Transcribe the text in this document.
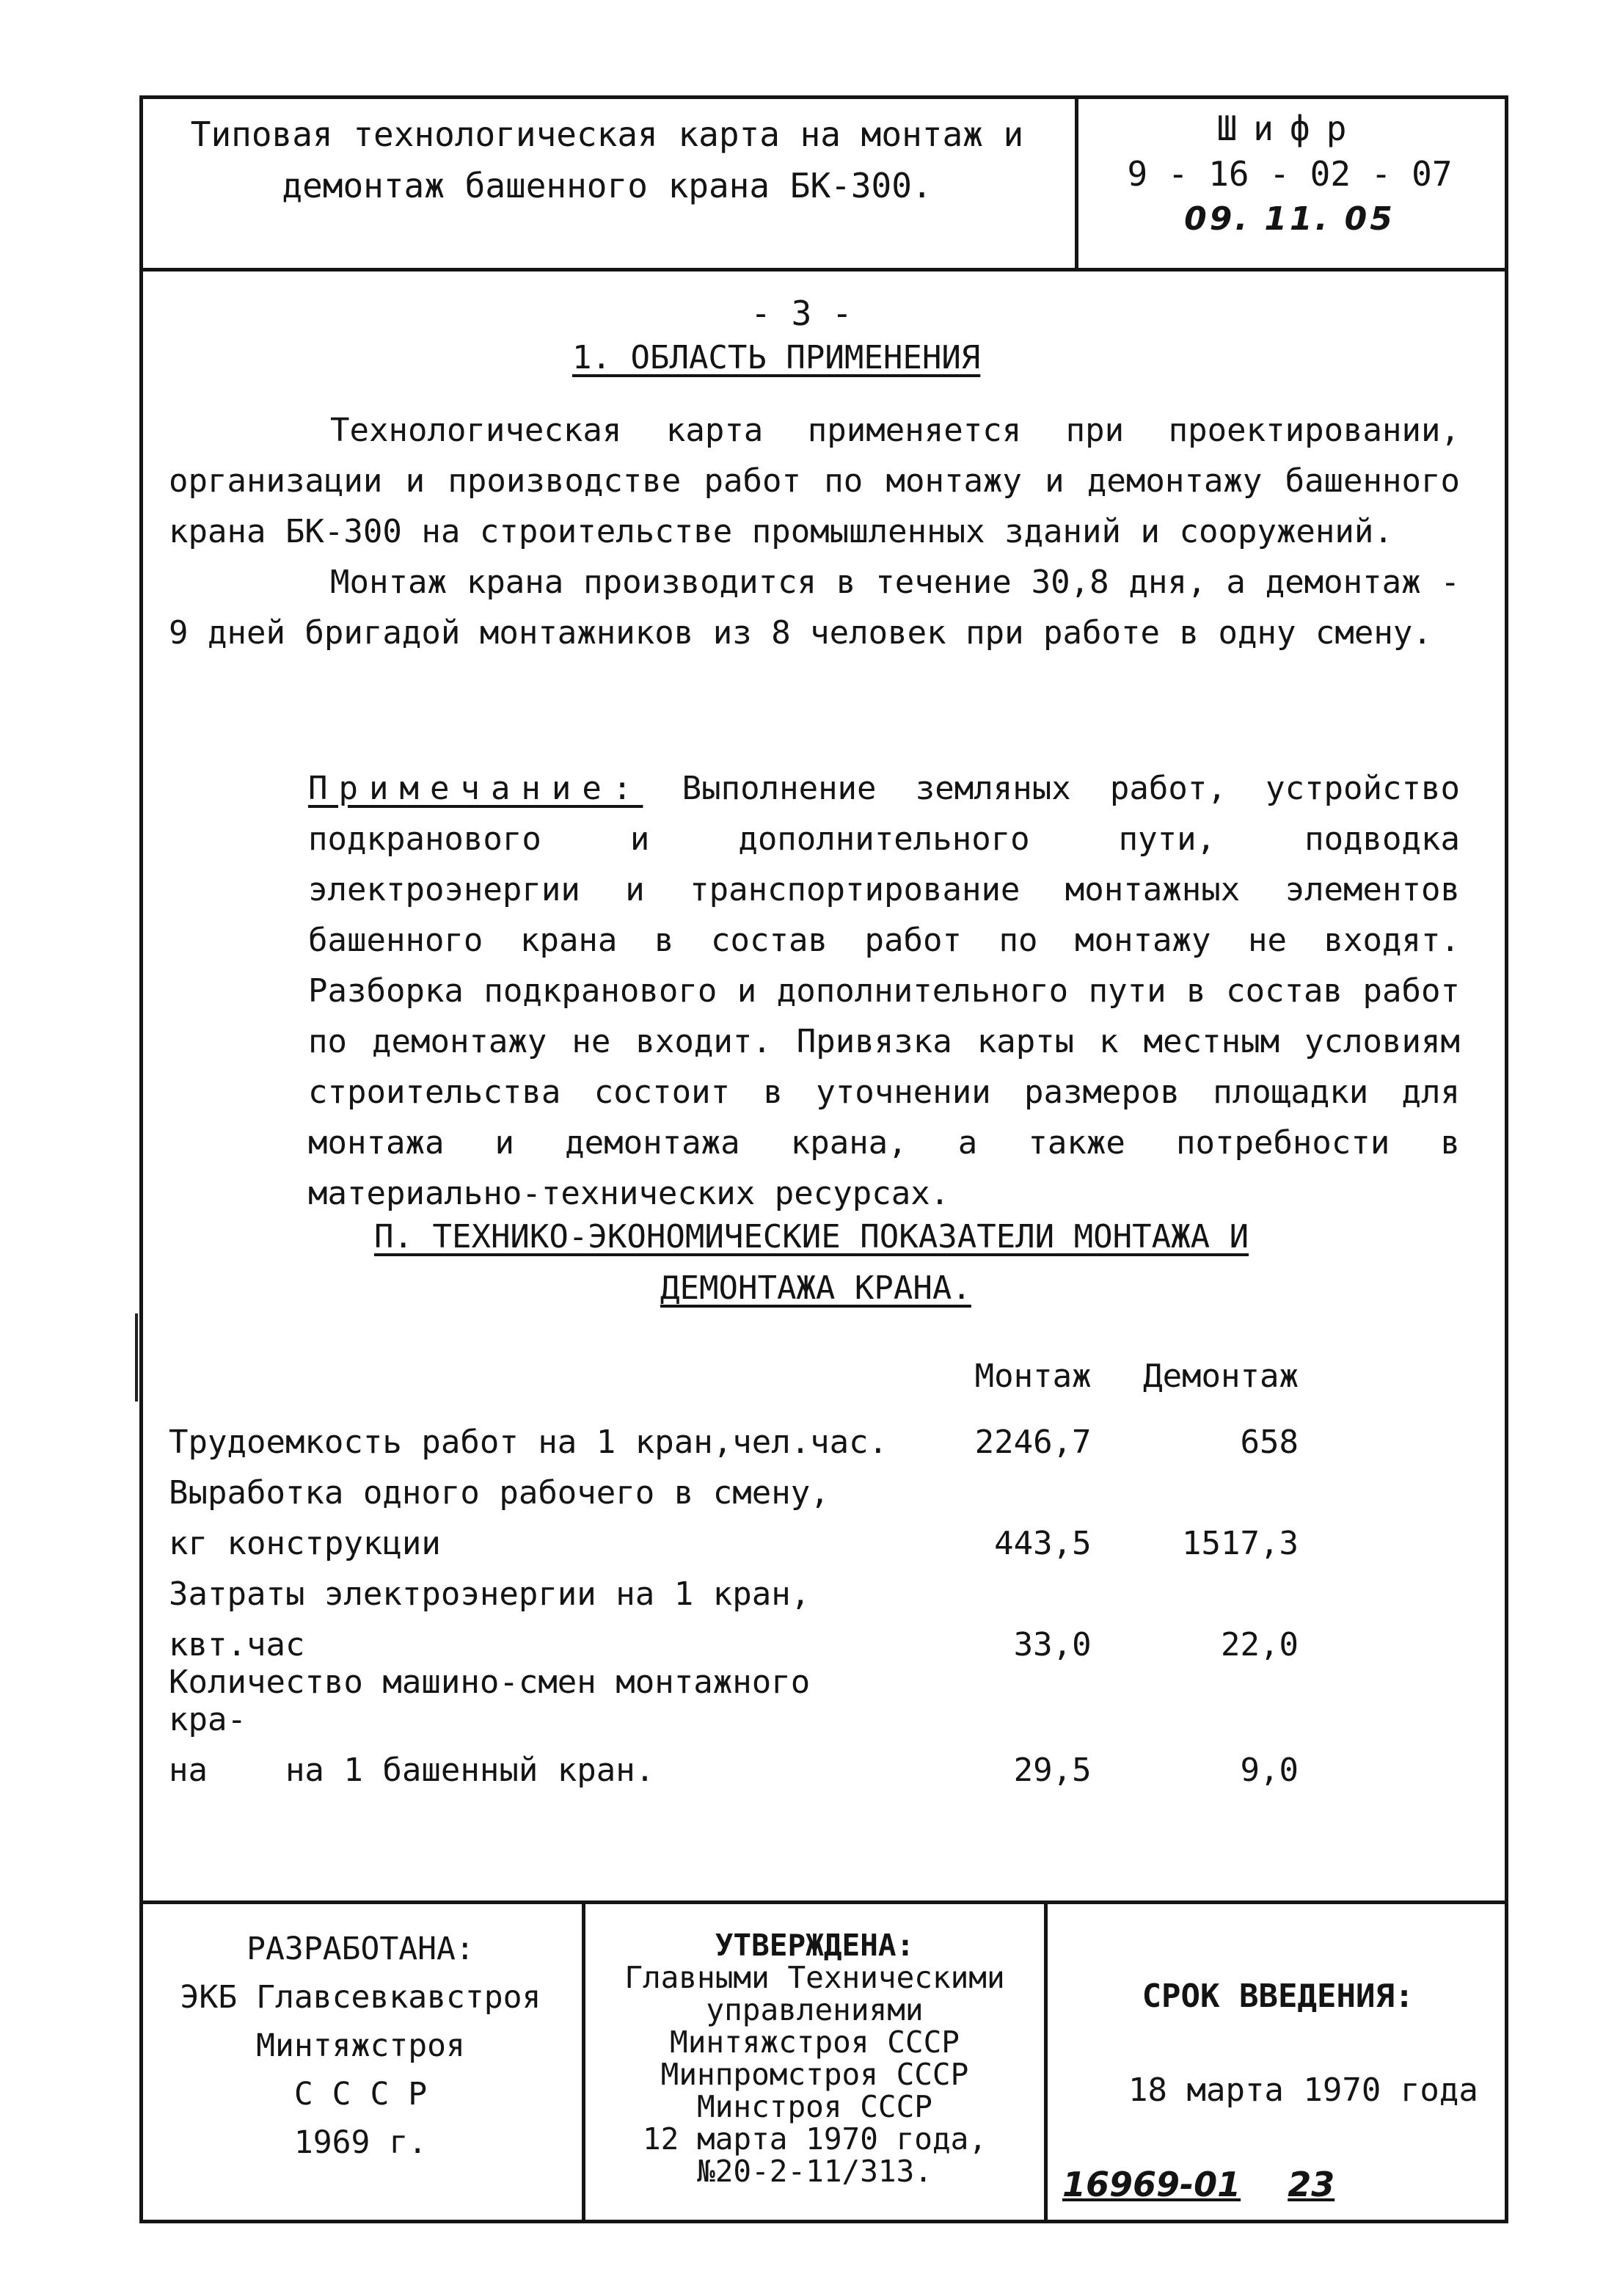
Типовая технологическая карта на монтаж и
демонтаж башенного крана БК-300.
Шифр
9 - 16 - 02 - 07
09. 11. 05
- 3 -
1. ОБЛАСТЬ ПРИМЕНЕНИЯ

Технологическая карта применяется при проектировании, организации и производстве работ по монтажу и демонтажу башенного крана БК-300 на строительстве промышленных зданий и сооружений.

Монтаж крана производится в течение 30,8 дня, а демонтаж - 9 дней бригадой монтажников из 8 человек при работе в одну смену.

Примечание: Выполнение земляных работ, устройство подкранового и дополнительного пути, подводка электроэнергии и транспортирование монтажных элементов башенного крана в состав работ по монтажу не входят. Разборка подкранового и дополнительного пути в состав работ по демонтажу не входит. Привязка карты к местным условиям строительства состоит в уточнении размеров площадки для монтажа и демонтажа крана, а также потребности в материально-технических ресурсах.

П. ТЕХНИКО-ЭКОНОМИЧЕСКИЕ ПОКАЗАТЕЛИ МОНТАЖА И
ДЕМОНТАЖА КРАНА.
	Монтаж	Демонтаж
Трудоемкость работ на 1 кран,чел.час.	2246,7	658
Выработка одного рабочего в смену,		
кг конструкции	443,5	1517,3
Затраты электроэнергии на 1 кран,		
квт.час	33,0	22,0
Количество машино-смен монтажного кра-		
на    на 1 башенный кран.	29,5	9,0
РАЗРАБОТАНА:
ЭКБ Главсевкавстроя
Минтяжстроя
С С С Р
1969 г.
УТВЕРЖДЕНА:
Главными Техническими
управлениями
Минтяжстроя СССР
Минпромстроя СССР
Минстроя СССР
12 марта 1970 года,
№20-2-11/313.
СРОК ВВЕДЕНИЯ:
18 марта 1970 года
16969-01 23
